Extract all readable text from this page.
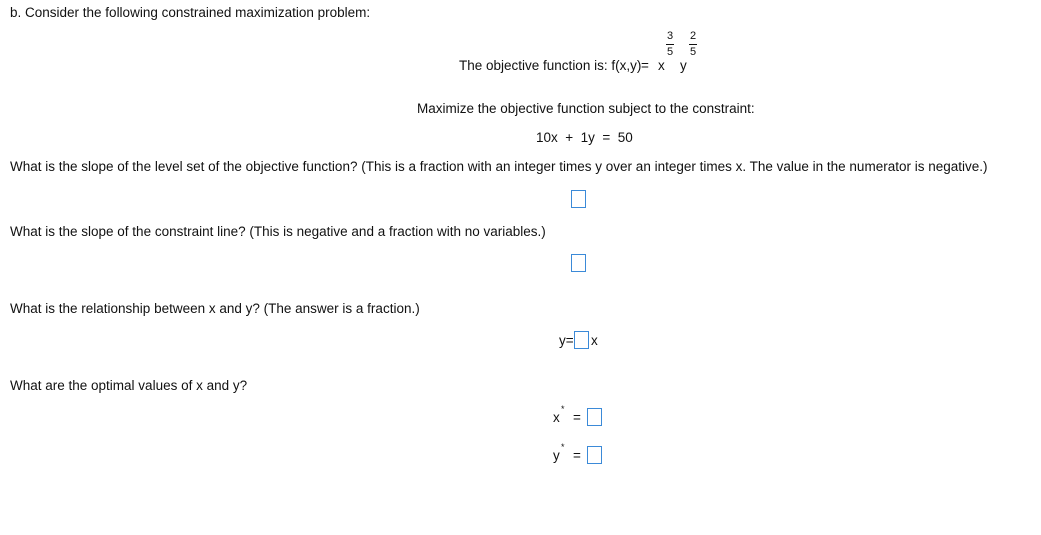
b. Consider the following constrained maximization problem:
The objective function is: f(x,y) = x
3
5
y
2
5
Maximize the objective function subject to the constraint:
10x  +  1y  =  50
What is the slope of the level set of the objective function? (This is a fraction with an integer times y over an integer times x. The value in the numerator is negative.)
What is the slope of the constraint line? (This is negative and a fraction with no variables.)
What is the relationship between x and y? (The answer is a fraction.)
y= x
What are the optimal values of x and y?
x
*
=
y
*
=
